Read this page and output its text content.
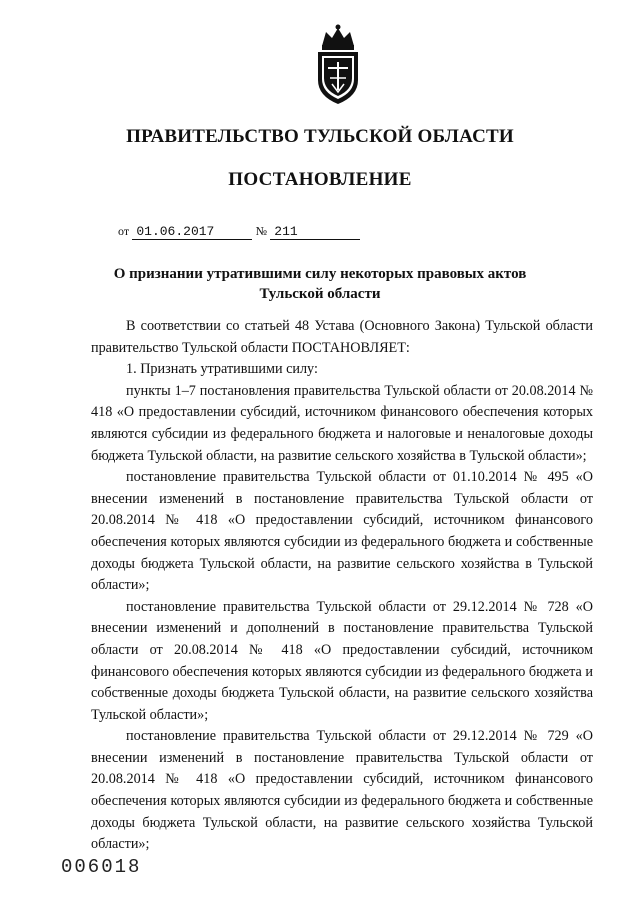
ПРАВИТЕЛЬСТВО ТУЛЬСКОЙ ОБЛАСТИ
ПОСТАНОВЛЕНИЕ
от 01.06.2017	№ 211
О признании утратившими силу некоторых правовых актов
Тульской области

В соответствии со статьей 48 Устава (Основного Закона) Тульской области правительство Тульской области ПОСТАНОВЛЯЕТ:

1. Признать утратившими силу:

пункты 1–7 постановления правительства Тульской области от 20.08.2014 № 418 «О предоставлении субсидий, источником финансового обеспечения которых являются субсидии из федерального бюджета и налоговые и неналоговые доходы бюджета Тульской области, на развитие сельского хозяйства в Тульской области»;

постановление правительства Тульской области от 01.10.2014 № 495 «О внесении изменений в постановление правительства Тульской области от 20.08.2014 № 418 «О предоставлении субсидий, источником финансового обеспечения которых являются субсидии из федерального бюджета и собственные доходы бюджета Тульской области, на развитие сельского хозяйства в Тульской области»;

постановление правительства Тульской области от 29.12.2014 № 728 «О внесении изменений и дополнений в постановление правительства Тульской области от 20.08.2014 № 418 «О предоставлении субсидий, источником финансового обеспечения которых являются субсидии из федерального бюджета и собственные доходы бюджета Тульской области, на развитие сельского хозяйства Тульской области»;

постановление правительства Тульской области от 29.12.2014 № 729 «О внесении изменений в постановление правительства Тульской области от 20.08.2014 № 418 «О предоставлении субсидий, источником финансового обеспечения которых являются субсидии из федерального бюджета и собственные доходы бюджета Тульской области, на развитие сельского хозяйства Тульской области»;

006018
